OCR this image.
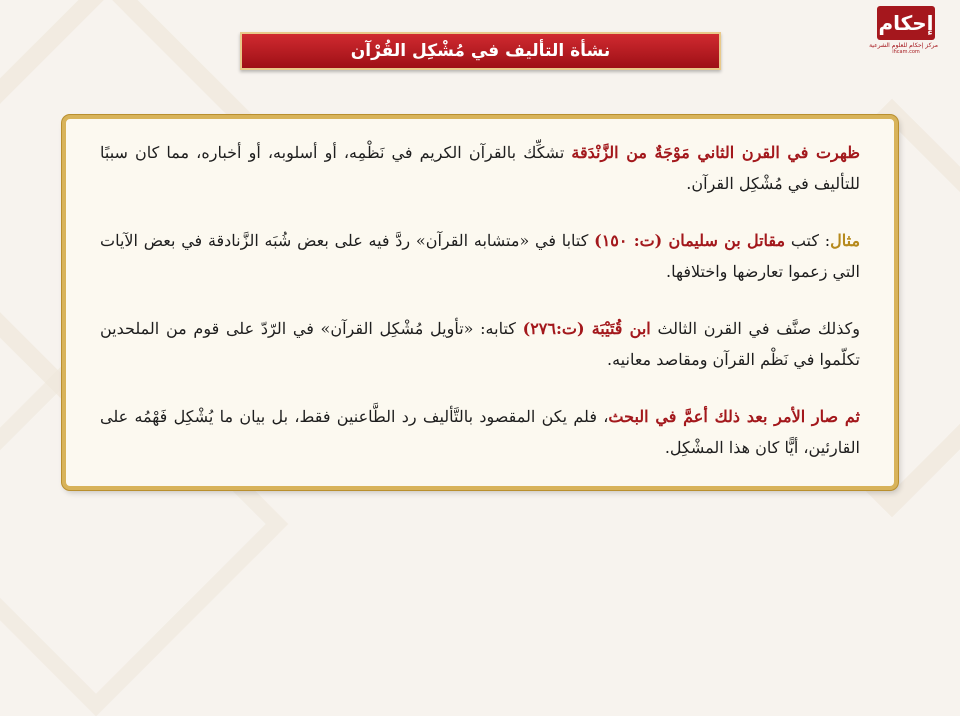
إحكام
مركز إحكام للعلوم الشرعية
ihcam.com
نشأة التأليف في مُشْكِل القُرْآن

ظهرت في القرن الثاني مَوْجَةٌ من الزَّنْدَقة تشكِّك بالقرآن الكريم في نَظْمِه، أو أسلوبه، أو أخباره، مما كان سببًا للتأليف في مُشْكِل القرآن.

مثال: كتب مقاتل بن سليمان (ت: ١٥٠) كتابا في «متشابه القرآن» ردَّ فيه على بعض شُبَه الزَّنادقة في بعض الآيات التي زعموا تعارضها واختلافها.

وكذلك صنَّف في القرن الثالث ابن قُتَيْبَة (ت:٢٧٦) كتابه: «تأويل مُشْكِل القرآن» في الرّدّ على قوم من الملحدين تكلّموا في نَظْم القرآن ومقاصد معانيه.

ثم صار الأمر بعد ذلك أعمَّ في البحث، فلم يكن المقصود بالتَّأليف رد الطَّاعنين فقط، بل بيان ما يُشْكِل فَهْمُه على القارئين، أيًّا كان هذا المشْكِل.
